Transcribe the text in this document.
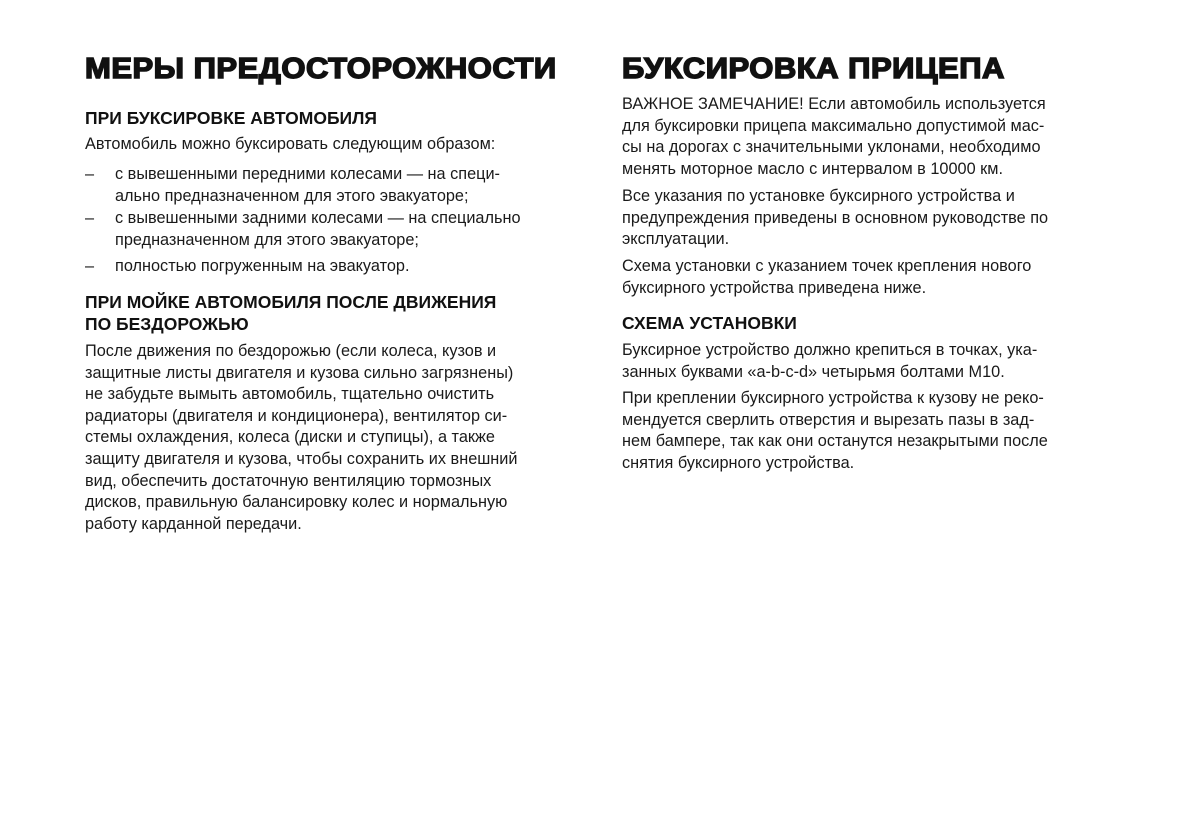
МЕРЫ ПРЕДОСТОРОЖНОСТИ
ПРИ БУКСИРОВКЕ АВТОМОБИЛЯ
Автомобиль можно буксировать следующим образом:
– с вывешенными передними колесами — на специ-
ально предназначенном для этого эвакуаторе;
– с вывешенными задними колесами — на специально
предназначенном для этого эвакуаторе;
– полностью погруженным на эвакуатор.
ПРИ МОЙКЕ АВТОМОБИЛЯ ПОСЛЕ ДВИЖЕНИЯ
ПО БЕЗДОРОЖЬЮ
После движения по бездорожью (если колеса, кузов и
защитные листы двигателя и кузова сильно загрязнены)
не забудьте вымыть автомобиль, тщательно очистить
радиаторы (двигателя и кондиционера), вентилятор си-
стемы охлаждения, колеса (диски и ступицы), а также
защиту двигателя и кузова, чтобы сохранить их внешний
вид, обеспечить достаточную вентиляцию тормозных
дисков, правильную балансировку колес и нормальную
работу карданной передачи.
БУКСИРОВКА ПРИЦЕПА
ВАЖНОЕ ЗАМЕЧАНИЕ! Если автомобиль используется
для буксировки прицепа максимально допустимой мас-
сы на дорогах с значительными уклонами, необходимо
менять моторное масло с интервалом в 10000 км.
Все указания по установке буксирного устройства и
предупреждения приведены в основном руководстве по
эксплуатации.
Схема установки с указанием точек крепления нового
буксирного устройства приведена ниже.
СХЕМА УСТАНОВКИ
Буксирное устройство должно крепиться в точках, ука-
занных буквами «a-b-c-d» четырьмя болтами М10.
При креплении буксирного устройства к кузову не реко-
мендуется сверлить отверстия и вырезать пазы в зад-
нем бампере, так как они останутся незакрытыми после
снятия буксирного устройства.
